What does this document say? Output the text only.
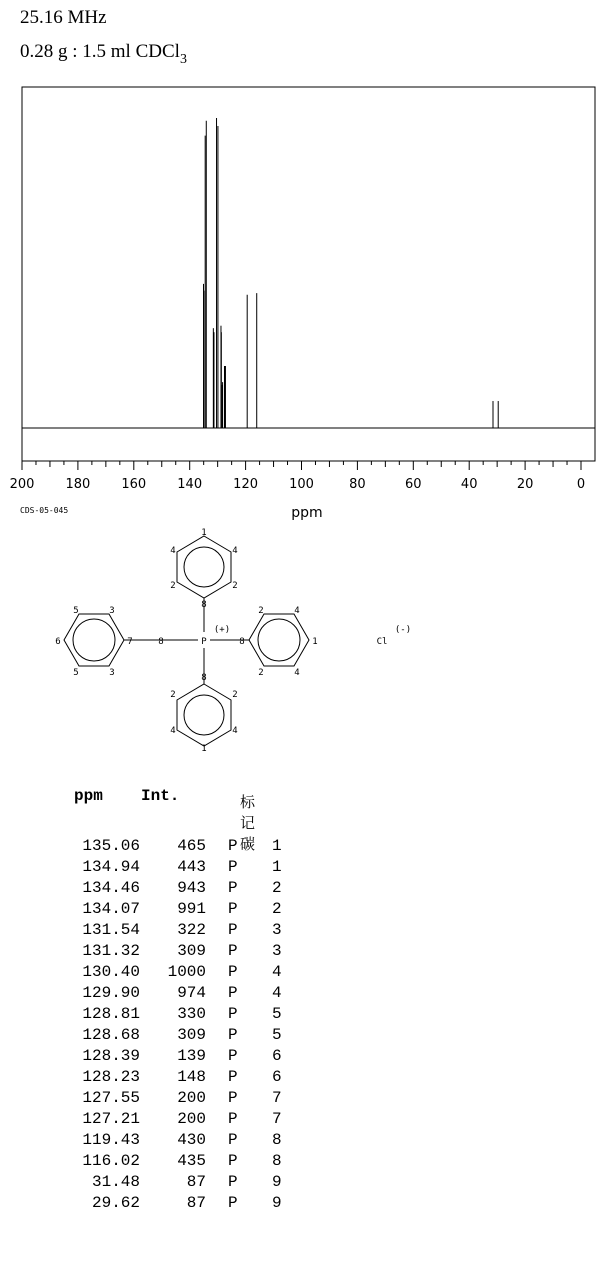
25.16 MHz
0.28 g : 1.5 ml CDCl$_3$
200 180 160 140 120 100	80	60	40	20	0
ppm
CDS-05-045
1
4	4
2	2
8
8
2	2
4	4
1
5	3
6	7
5	3
8	8
2	4
1
2	4
P
(+)
Cl
(-)
ppm Int.	标记碳
135.06	465 P 1
134.94	443 P 1
134.46	943 P 2
134.07	991 P 2
131.54	322 P 3
131.32	309 P 3
130.40	1000 P 4
129.90	974 P 4
128.81	330 P 5
128.68	309 P 5
128.39	139 P 6
128.23	148 P 6
127.55	200 P 7
127.21	200 P 7
119.43	430 P 8
116.02	435 P 8
31.48	87 P 9
29.62	87 P 9
